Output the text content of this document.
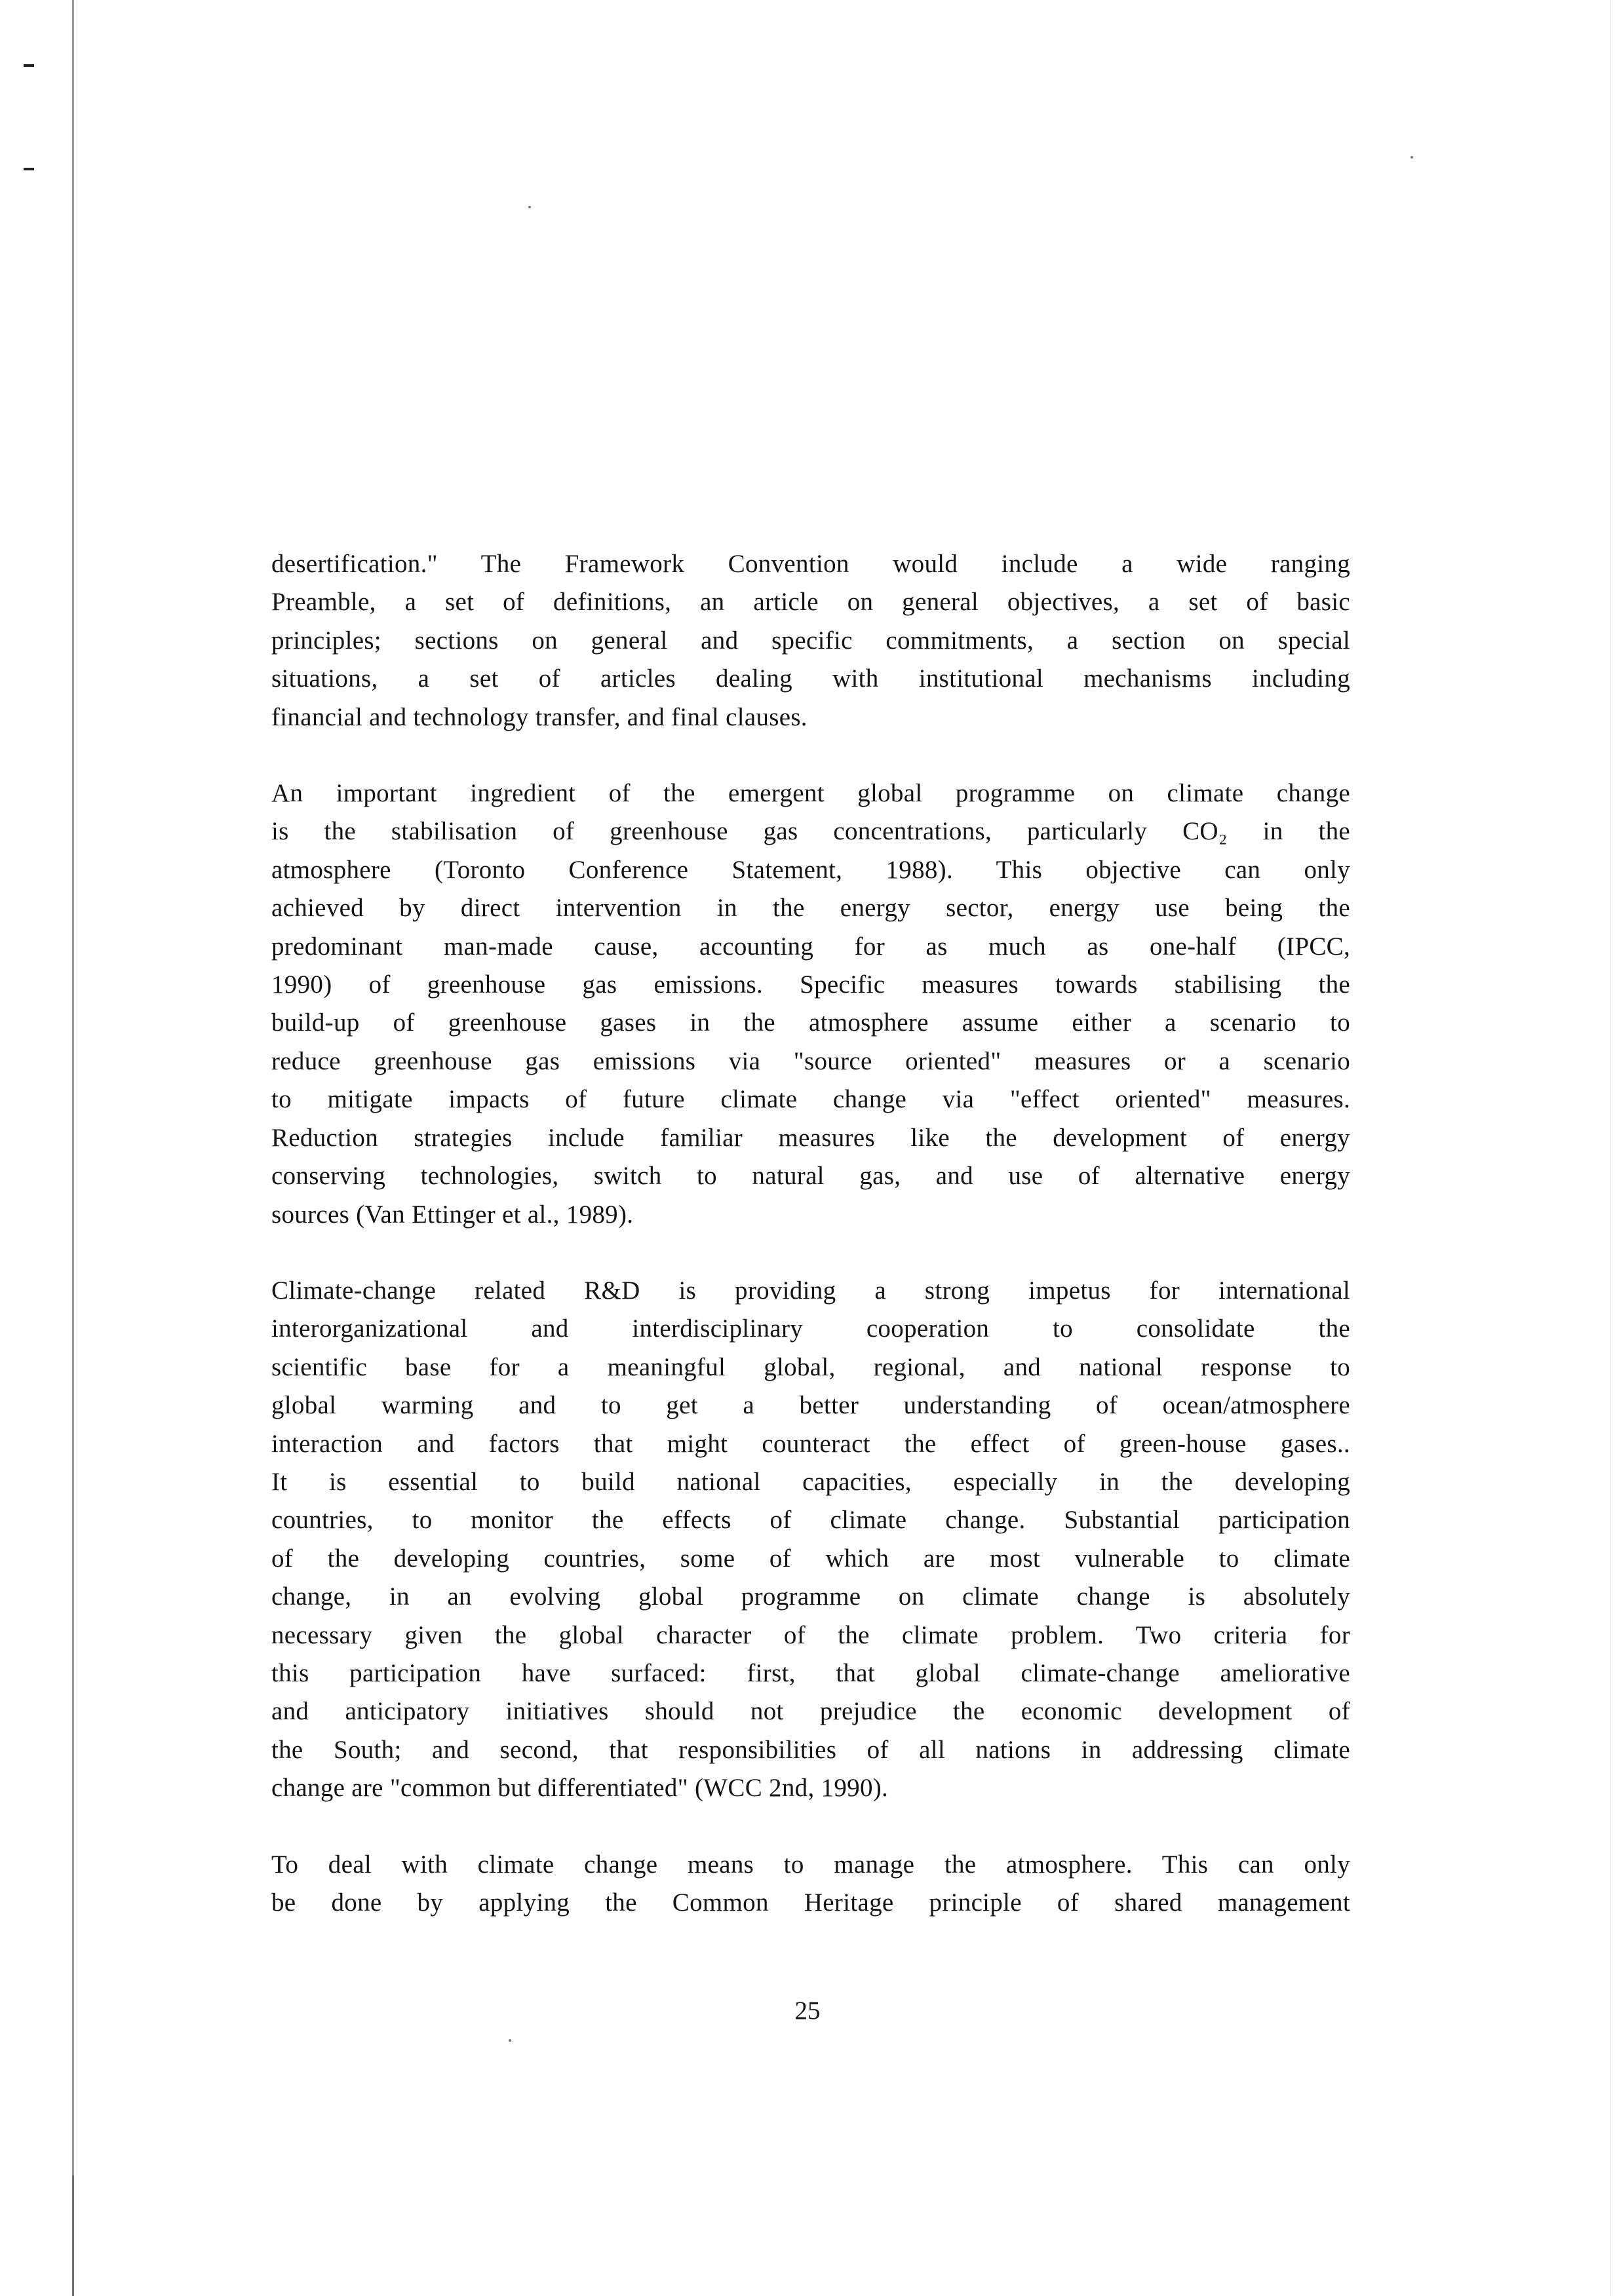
desertification." The Framework Convention would include a wide ranging
Preamble, a set of definitions, an article on general objectives, a set of basic
principles; sections on general and specific commitments, a section on special
situations, a set of articles dealing with institutional mechanisms including
financial and technology transfer, and final clauses.
An important ingredient of the emergent global programme on climate change
is the stabilisation of greenhouse gas concentrations, particularly CO₂ in the
atmosphere (Toronto Conference Statement, 1988). This objective can only
achieved by direct intervention in the energy sector, energy use being the
predominant man-made cause, accounting for as much as one-half (IPCC,
1990) of greenhouse gas emissions. Specific measures towards stabilising the
build-up of greenhouse gases in the atmosphere assume either a scenario to
reduce greenhouse gas emissions via "source oriented" measures or a scenario
to mitigate impacts of future climate change via "effect oriented" measures.
Reduction strategies include familiar measures like the development of energy
conserving technologies, switch to natural gas, and use of alternative energy
sources (Van Ettinger et al., 1989).
Climate-change related R&D is providing a strong impetus for international
interorganizational and interdisciplinary cooperation to consolidate the
scientific base for a meaningful global, regional, and national response to
global warming and to get a better understanding of ocean/atmosphere
interaction and factors that might counteract the effect of green-house gases..
It is essential to build national capacities, especially in the developing
countries, to monitor the effects of climate change. Substantial participation
of the developing countries, some of which are most vulnerable to climate
change, in an evolving global programme on climate change is absolutely
necessary given the global character of the climate problem. Two criteria for
this participation have surfaced: first, that global climate-change ameliorative
and anticipatory initiatives should not prejudice the economic development of
the South; and second, that responsibilities of all nations in addressing climate
change are "common but differentiated" (WCC 2nd, 1990).
To deal with climate change means to manage the atmosphere. This can only
be done by applying the Common Heritage principle of shared management
25
